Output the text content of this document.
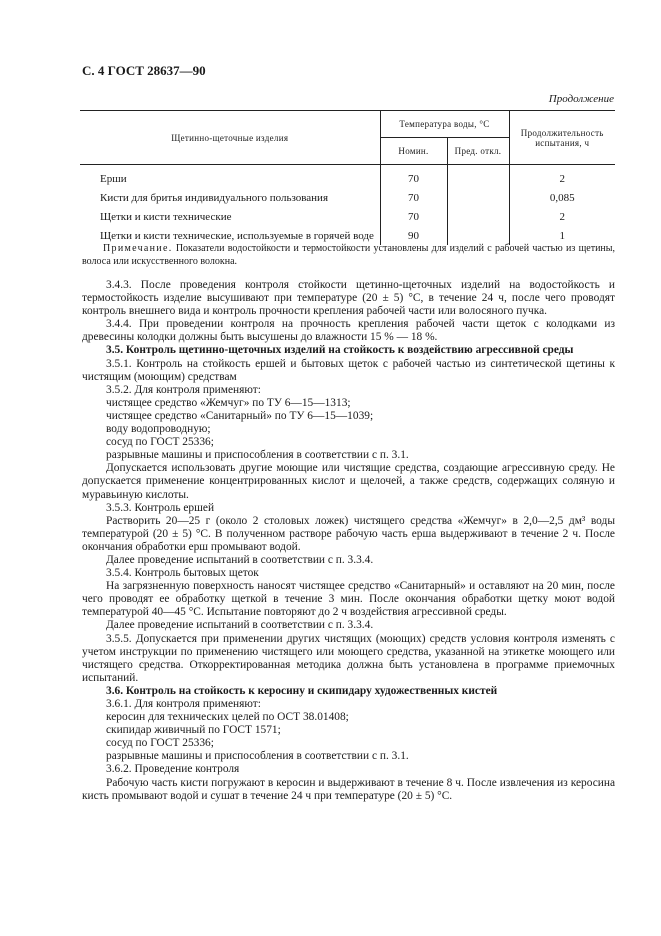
С. 4 ГОСТ 28637—90
Продолжение
Щетинно-щеточные изделия	Температура воды, °С		Продолжительность испытания, ч
	Номин.	Пред. откл.	
Ерши	70		2
Кисти для бритья индивидуального пользования	70		0,085
Щетки и кисти технические	70		2
Щетки и кисти технические, используемые в горячей воде	90		1
Примечание. Показатели водостойкости и термостойкости установлены для изделий с рабочей частью из щетины, волоса или искусственного волокна.

3.4.3. После проведения контроля стойкости щетинно-щеточных изделий на водостойкость и термостойкость изделие высушивают при температуре (20 ± 5) °С, в течение 24 ч, после чего проводят контроль внешнего вида и контроль прочности крепления рабочей части или волосяного пучка.

3.4.4. При проведении контроля на прочность крепления рабочей части щеток с колодками из древесины колодки должны быть высушены до влажности 15 % — 18 %.

3.5. Контроль щетинно-щеточных изделий на стойкость к воздействию агрессивной среды

3.5.1. Контроль на стойкость ершей и бытовых щеток с рабочей частью из синтетической щетины к чистящим (моющим) средствам

3.5.2. Для контроля применяют:

чистящее средство «Жемчуг» по ТУ 6—15—1313;

чистящее средство «Санитарный» по ТУ 6—15—1039;

воду водопроводную;

сосуд по ГОСТ 25336;

разрывные машины и приспособления в соответствии с п. 3.1.

Допускается использовать другие моющие или чистящие средства, создающие агрессивную среду. Не допускается применение концентрированных кислот и щелочей, а также средств, содержащих соляную и муравьиную кислоты.

3.5.3. Контроль ершей

Растворить 20—25 г (около 2 столовых ложек) чистящего средства «Жемчуг» в 2,0—2,5 дм³ воды температурой (20 ± 5) °С. В полученном растворе рабочую часть ерша выдерживают в течение 2 ч. После окончания обработки ерш промывают водой.

Далее проведение испытаний в соответствии с п. 3.3.4.

3.5.4. Контроль бытовых щеток

На загрязненную поверхность наносят чистящее средство «Санитарный» и оставляют на 20 мин, после чего проводят ее обработку щеткой в течение 3 мин. После окончания обработки щетку моют водой температурой 40—45 °С. Испытание повторяют до 2 ч воздействия агрессивной среды.

Далее проведение испытаний в соответствии с п. 3.3.4.

3.5.5. Допускается при применении других чистящих (моющих) средств условия контроля изменять с учетом инструкции по применению чистящего или моющего средства, указанной на этикетке моющего или чистящего средства. Откорректированная методика должна быть установлена в программе приемочных испытаний.

3.6. Контроль на стойкость к керосину и скипидару художественных кистей

3.6.1. Для контроля применяют:

керосин для технических целей по ОСТ 38.01408;

скипидар живичный по ГОСТ 1571;

сосуд по ГОСТ 25336;

разрывные машины и приспособления в соответствии с п. 3.1.

3.6.2. Проведение контроля

Рабочую часть кисти погружают в керосин и выдерживают в течение 8 ч. После извлечения из керосина кисть промывают водой и сушат в течение 24 ч при температуре (20 ± 5) °С.
